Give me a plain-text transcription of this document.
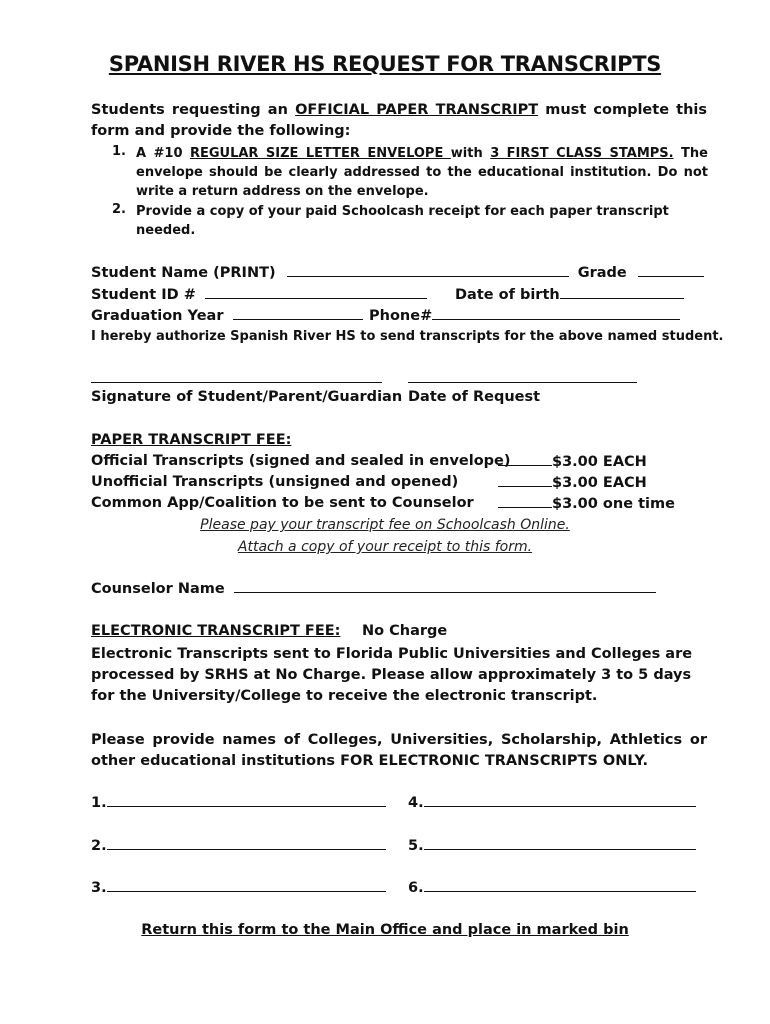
SPANISH RIVER HS REQUEST FOR TRANSCRIPTS
Students requesting an OFFICIAL PAPER TRANSCRIPT must complete this form and provide the following:
1. A #10 REGULAR SIZE LETTER ENVELOPE with 3 FIRST CLASS STAMPS. The envelope should be clearly addressed to the educational institution. Do not write a return address on the envelope.
2. Provide a copy of your paid Schoolcash receipt for each paper transcript needed.
Student Name (PRINT)	Grade
Student ID #	Date of birth
Graduation Year	Phone#
I hereby authorize Spanish River HS to send transcripts for the above named student.
Signature of Student/Parent/Guardian Date of Request
PAPER TRANSCRIPT FEE:
Official Transcripts (signed and sealed in envelope)	$3.00 EACH
Unofficial Transcripts (unsigned and opened)	$3.00 EACH
Common App/Coalition to be sent to Counselor	$3.00 one time
Please pay your transcript fee on Schoolcash Online.
Attach a copy of your receipt to this form.
Counselor Name
ELECTRONIC TRANSCRIPT FEE: No Charge
Electronic Transcripts sent to Florida Public Universities and Colleges are processed by SRHS at No Charge. Please allow approximately 3 to 5 days for the University/College to receive the electronic transcript.
Please provide names of Colleges, Universities, Scholarship, Athletics or other educational institutions FOR ELECTRONIC TRANSCRIPTS ONLY.
1.	4.
2.	5.
3.	6.
Return this form to the Main Office and place in marked bin
